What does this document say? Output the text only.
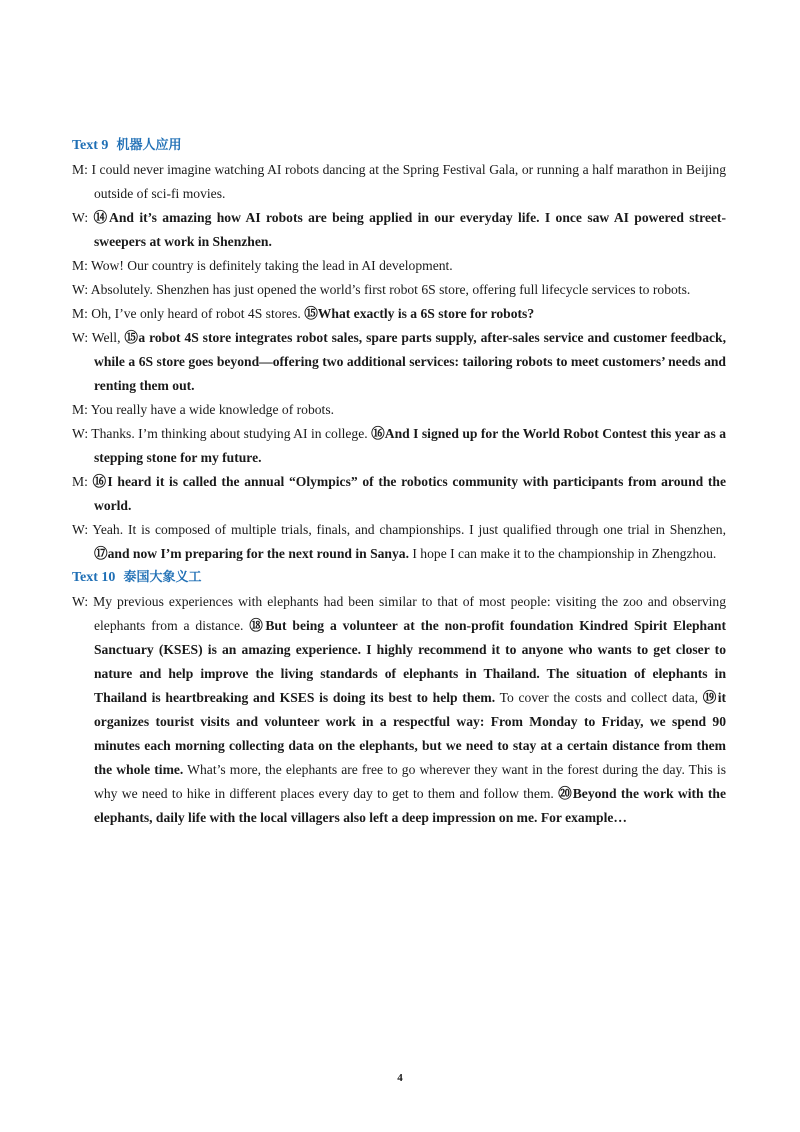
Text 9 机器人应用

M: I could never imagine watching AI robots dancing at the Spring Festival Gala, or running a half marathon in Beijing outside of sci-fi movies.

W: ⑭And it’s amazing how AI robots are being applied in our everyday life. I once saw AI powered street-sweepers at work in Shenzhen.

M: Wow! Our country is definitely taking the lead in AI development.

W: Absolutely. Shenzhen has just opened the world’s first robot 6S store, offering full lifecycle services to robots.

M: Oh, I’ve only heard of robot 4S stores. ⑮What exactly is a 6S store for robots?

W: Well, ⑮a robot 4S store integrates robot sales, spare parts supply, after-sales service and customer feedback, while a 6S store goes beyond—offering two additional services: tailoring robots to meet customers’ needs and renting them out.

M: You really have a wide knowledge of robots.

W: Thanks. I’m thinking about studying AI in college. ⑯And I signed up for the World Robot Contest this year as a stepping stone for my future.

M: ⑯I heard it is called the annual “Olympics” of the robotics community with participants from around the world.

W: Yeah. It is composed of multiple trials, finals, and championships. I just qualified through one trial in Shenzhen, ⑰and now I’m preparing for the next round in Sanya. I hope I can make it to the championship in Zhengzhou.

Text 10 泰国大象义工

W: My previous experiences with elephants had been similar to that of most people: visiting the zoo and observing elephants from a distance. ⑱But being a volunteer at the non-profit foundation Kindred Spirit Elephant Sanctuary (KSES) is an amazing experience. I highly recommend it to anyone who wants to get closer to nature and help improve the living standards of elephants in Thailand. The situation of elephants in Thailand is heartbreaking and KSES is doing its best to help them. To cover the costs and collect data, ⑲it organizes tourist visits and volunteer work in a respectful way: From Monday to Friday, we spend 90 minutes each morning collecting data on the elephants, but we need to stay at a certain distance from them the whole time. What’s more, the elephants are free to go wherever they want in the forest during the day. This is why we need to hike in different places every day to get to them and follow them. ⑳Beyond the work with the elephants, daily life with the local villagers also left a deep impression on me. For example…

4
